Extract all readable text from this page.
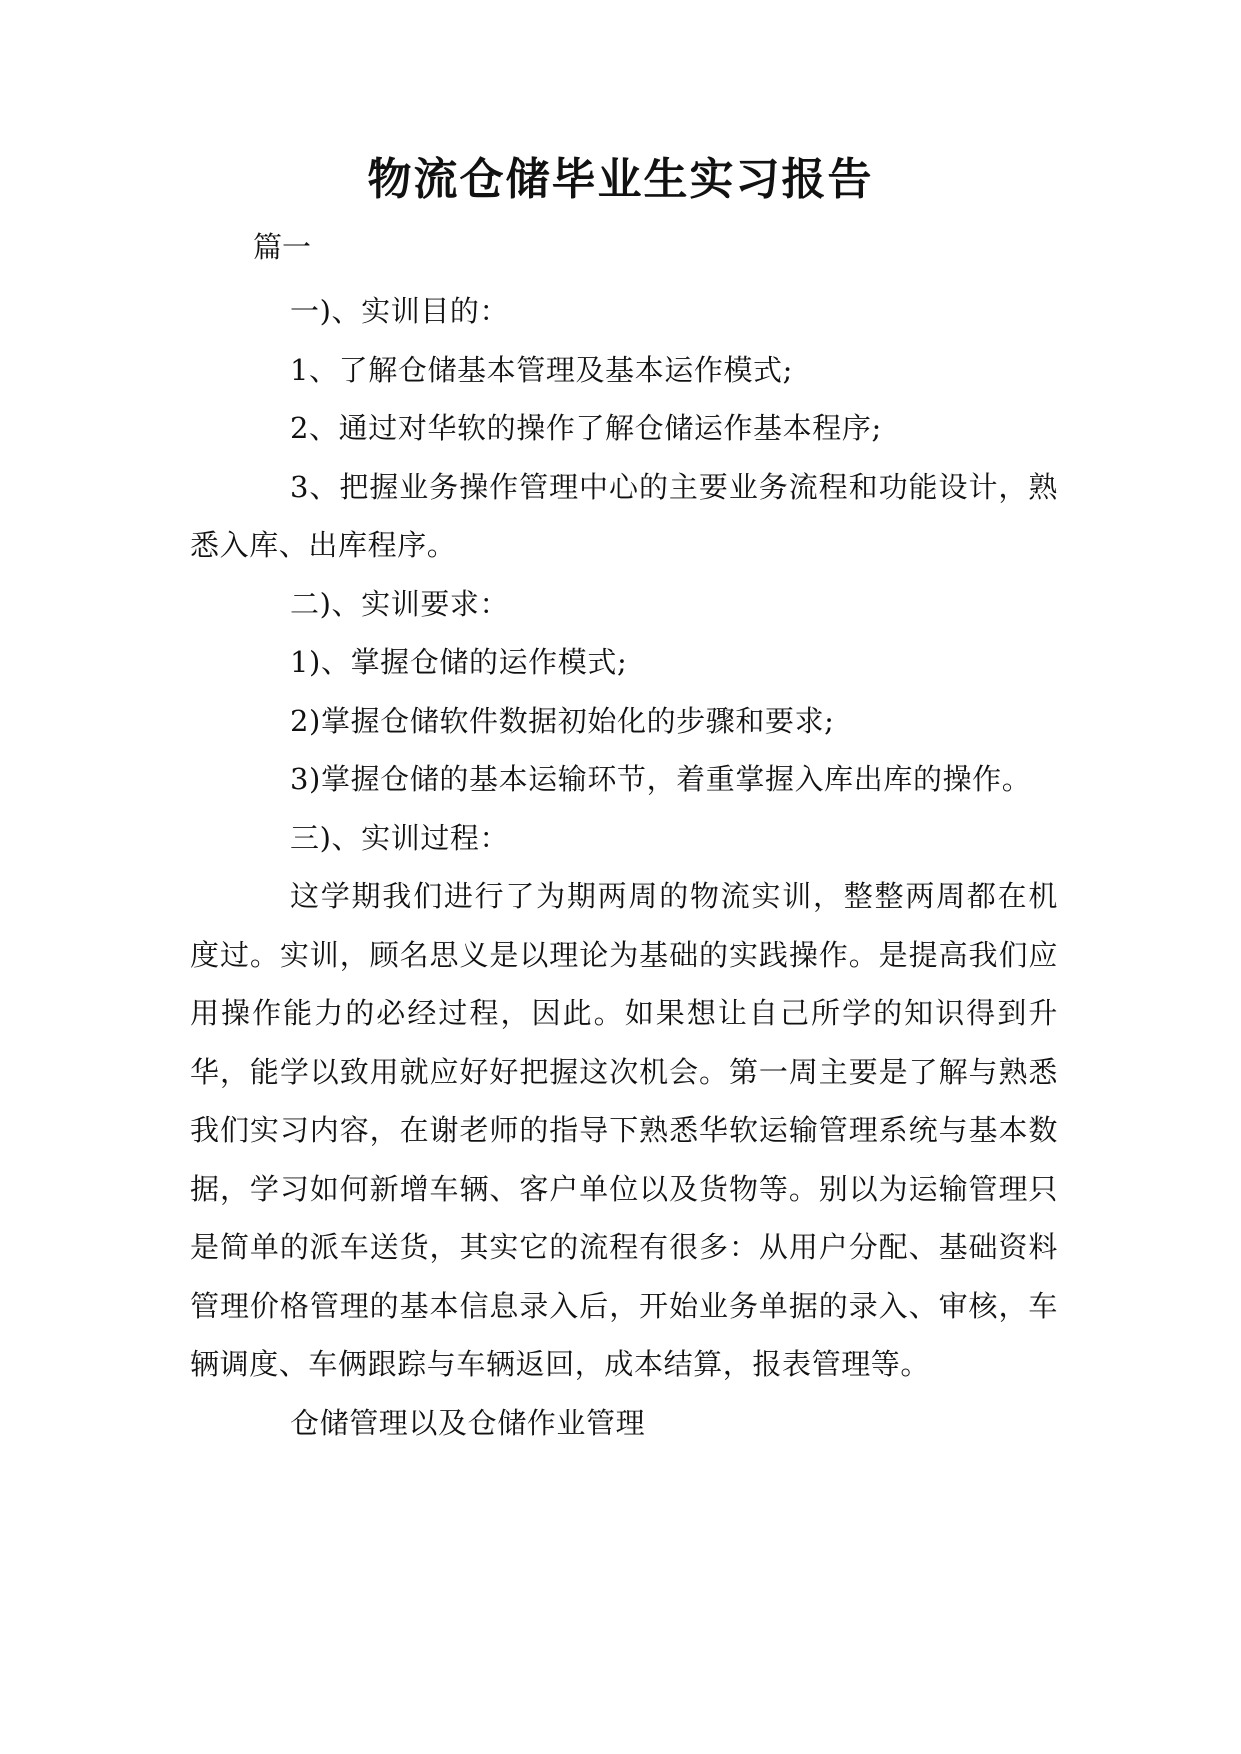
物流仓储毕业生实习报告

篇一

一)、实训目的：

1、了解仓储基本管理及基本运作模式;

2、通过对华软的操作了解仓储运作基本程序;

3、把握业务操作管理中心的主要业务流程和功能设计，熟悉入库、出库程序。

二)、实训要求：

1)、掌握仓储的运作模式;

2)掌握仓储软件数据初始化的步骤和要求;

3)掌握仓储的基本运输环节，着重掌握入库出库的操作。

三)、实训过程：

这学期我们进行了为期两周的物流实训，整整两周都在机度过。实训，顾名思义是以理论为基础的实践操作。是提高我们应用操作能力的必经过程，因此。如果想让自己所学的知识得到升华，能学以致用就应好好把握这次机会。第一周主要是了解与熟悉我们实习内容，在谢老师的指导下熟悉华软运输管理系统与基本数据，学习如何新增车辆、客户单位以及货物等。别以为运输管理只是简单的派车送货，其实它的流程有很多：从用户分配、基础资料管理价格管理的基本信息录入后，开始业务单据的录入、审核，车辆调度、车俩跟踪与车辆返回，成本结算，报表管理等。

仓储管理以及仓储作业管理
